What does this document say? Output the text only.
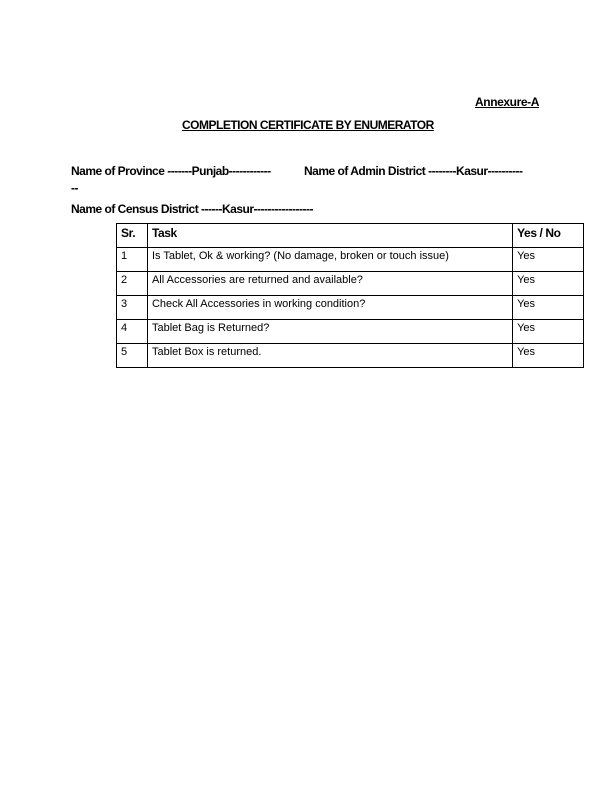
Annexure-A
COMPLETION CERTIFICATE BY ENUMERATOR
Name of Province -------Punjab------------	Name of Admin District --------Kasur----------
--
Name of Census District ------Kasur-----------------
Sr.	Task	Yes / No
1	Is Tablet, Ok & working? (No damage, broken or touch issue)	Yes
2	All Accessories are returned and available?	Yes
3	Check All Accessories in working condition?	Yes
4	Tablet Bag is Returned?	Yes
5	Tablet Box is returned.	Yes
